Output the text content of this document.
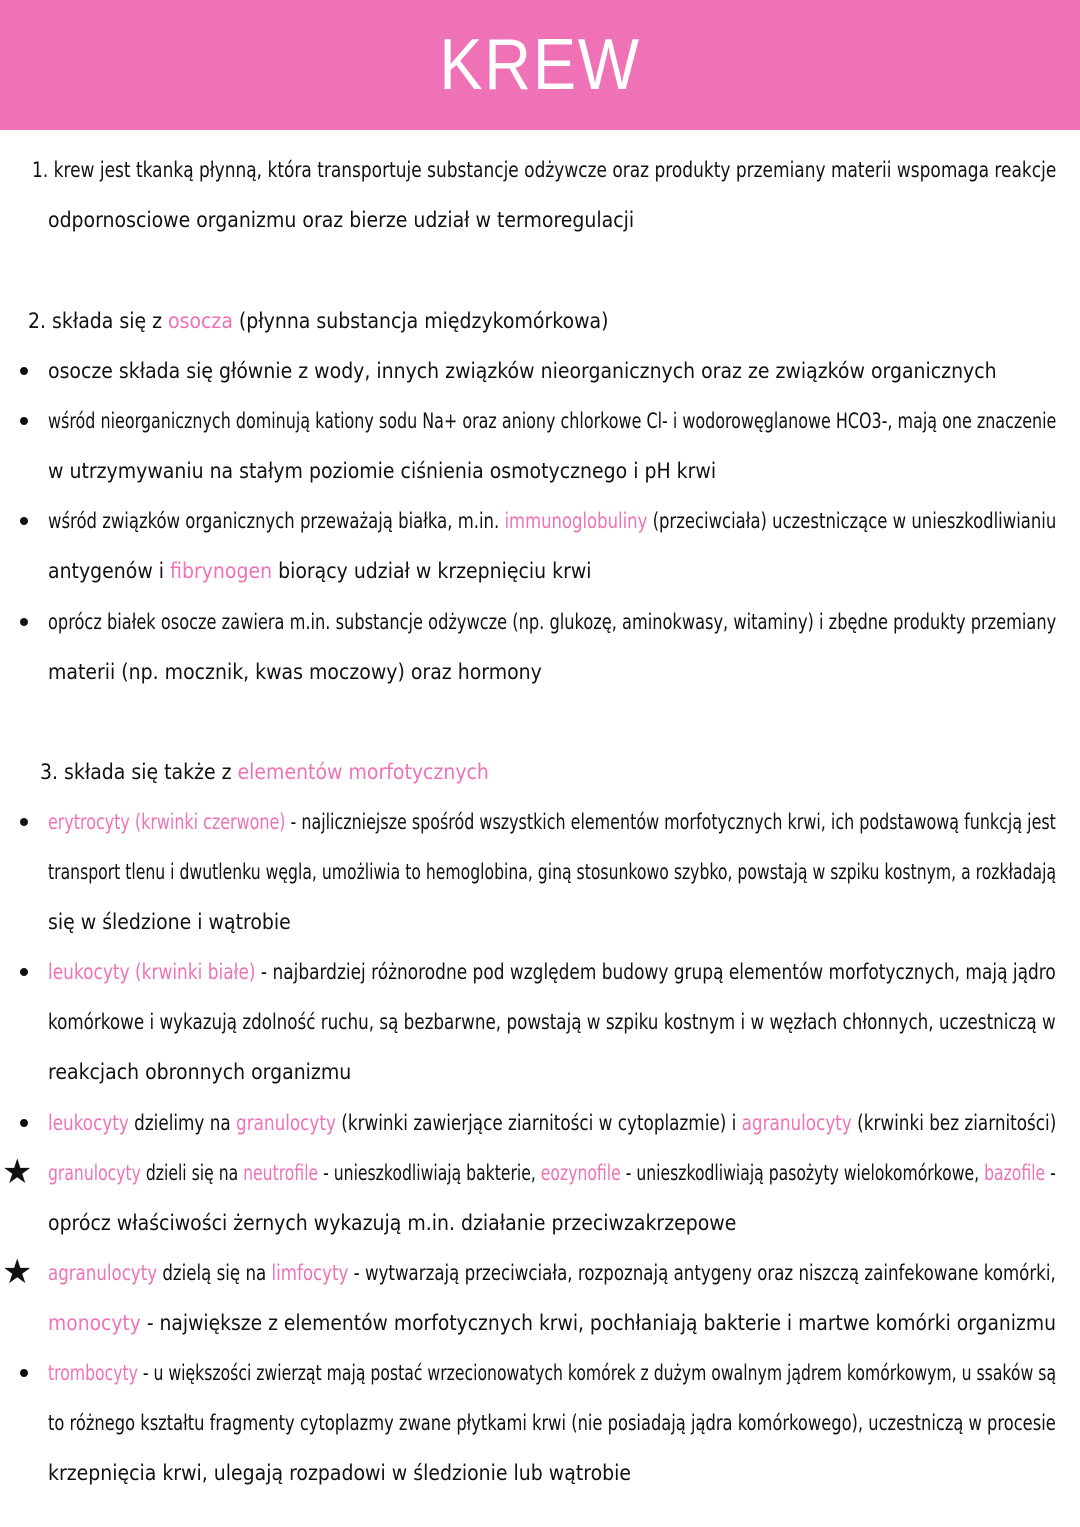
KREW
1. krew jest tkanką płynną, która transportuje substancje odżywcze oraz produkty przemiany materii wspomaga reakcje
odpornosciowe organizmu oraz bierze udział w termoregulacji
2. składa się z osocza (płynna substancja międzykomórkowa)
osocze składa się głównie z wody, innych związków nieorganicznych oraz ze związków organicznych
wśród nieorganicznych dominują kationy sodu Na+ oraz aniony chlorkowe Cl- i wodorowęglanowe HCO3-, mają one znaczenie
w utrzymywaniu na stałym poziomie ciśnienia osmotycznego i pH krwi
wśród związków organicznych przeważają białka, m.in. immunoglobuliny (przeciwciała) uczestniczące w unieszkodliwianiu
antygenów i fibrynogen biorący udział w krzepnięciu krwi
oprócz białek osocze zawiera m.in. substancje odżywcze (np. glukozę, aminokwasy, witaminy) i zbędne produkty przemiany
materii (np. mocznik, kwas moczowy) oraz hormony
3. składa się także z elementów morfotycznych
erytrocyty (krwinki czerwone) - najliczniejsze spośród wszystkich elementów morfotycznych krwi, ich podstawową funkcją jest
transport tlenu i dwutlenku węgla, umożliwia to hemoglobina, giną stosunkowo szybko, powstają w szpiku kostnym, a rozkładają
się w śledzione i wątrobie
leukocyty (krwinki białe) - najbardziej różnorodne pod względem budowy grupą elementów morfotycznych, mają jądro
komórkowe i wykazują zdolność ruchu, są bezbarwne, powstają w szpiku kostnym i w węzłach chłonnych, uczestniczą w
reakcjach obronnych organizmu
leukocyty dzielimy na granulocyty (krwinki zawierjące ziarnitości w cytoplazmie) i agranulocyty (krwinki bez ziarnitości)
★ granulocyty dzieli się na neutrofile - unieszkodliwiają bakterie, eozynofile - unieszkodliwiają pasożyty wielokomórkowe, bazofile -
oprócz właściwości żernych wykazują m.in. działanie przeciwzakrzepowe
★ agranulocyty dzielą się na limfocyty - wytwarzają przeciwciała, rozpoznają antygeny oraz niszczą zainfekowane komórki,
monocyty - największe z elementów morfotycznych krwi, pochłaniają bakterie i martwe komórki organizmu
trombocyty - u większości zwierząt mają postać wrzecionowatych komórek z dużym owalnym jądrem komórkowym, u ssaków są
to różnego kształtu fragmenty cytoplazmy zwane płytkami krwi (nie posiadają jądra komórkowego), uczestniczą w procesie
krzepnięcia krwi, ulegają rozpadowi w śledzionie lub wątrobie
